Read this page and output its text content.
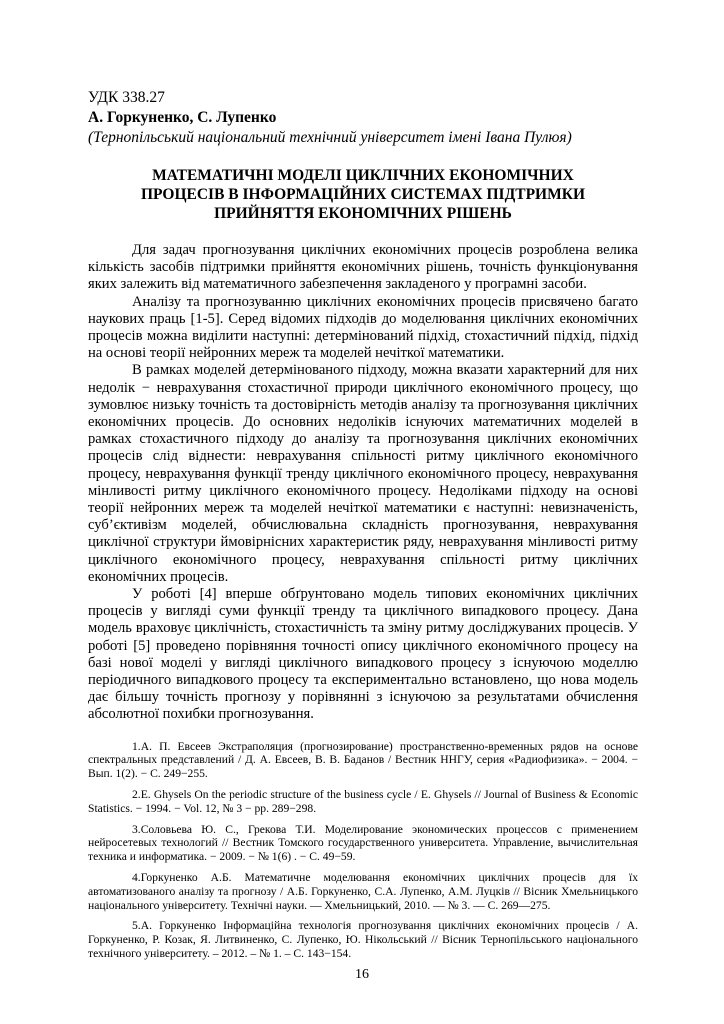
УДК 338.27
А. Горкуненко, С. Лупенко
(Тернопільський національний технічний університет імені Івана Пулюя)
МАТЕМАТИЧНІ МОДЕЛІ ЦИКЛІЧНИХ ЕКОНОМІЧНИХ ПРОЦЕСІВ В ІНФОРМАЦІЙНИХ СИСТЕМАХ ПІДТРИМКИ ПРИЙНЯТТЯ ЕКОНОМІЧНИХ РІШЕНЬ

Для задач прогнозування циклічних економічних процесів розроблена велика кількість засобів підтримки прийняття економічних рішень, точність функціонування яких залежить від математичного забезпечення закладеного у програмні засоби.

Аналізу та прогнозуванню циклічних економічних процесів присвячено багато наукових праць [1-5]. Серед відомих підходів до моделювання циклічних економічних процесів можна виділити наступні: детермінований підхід, стохастичний підхід, підхід на основі теорії нейронних мереж та моделей нечіткої математики.

В рамках моделей детермінованого підходу, можна вказати характерний для них недолік − неврахування стохастичної природи циклічного економічного процесу, що зумовлює низьку точність та достовірність методів аналізу та прогнозування циклічних економічних процесів. До основних недоліків існуючих математичних моделей в рамках стохастичного підходу до аналізу та прогнозування циклічних економічних процесів слід віднести: неврахування спільності ритму циклічного економічного процесу, неврахування функції тренду циклічного економічного процесу, неврахування мінливості ритму циклічного економічного процесу. Недоліками підходу на основі теорії нейронних мереж та моделей нечіткої математики є наступні: невизначеність, суб’єктивізм моделей, обчислювальна складність прогнозування, неврахування циклічної структури ймовірнісних характеристик ряду, неврахування мінливості ритму циклічного економічного процесу, неврахування спільності ритму циклічних економічних процесів.

У роботі [4] вперше обґрунтовано модель типових економічних циклічних процесів у вигляді суми функції тренду та циклічного випадкового процесу. Дана модель враховує циклічність, стохастичність та зміну ритму досліджуваних процесів. У роботі [5] проведено порівняння точності опису циклічного економічного процесу на базі нової моделі у вигляді циклічного випадкового процесу з існуючою моделлю періодичного випадкового процесу та експериментально встановлено, що нова модель дає більшу точність прогнозу у порівнянні з існуючою за результатами обчислення абсолютної похибки прогнозування.

1.А. П. Евсеев Экстраполяция (прогнозирование) пространственно-временных рядов на основе спектральных представлений / Д. А. Евсеев, В. В. Баданов / Вестник ННГУ, серия «Радиофизика». − 2004. − Вып. 1(2). − С. 249−255.

2.E. Ghysels On the periodic structure of the business cycle / E. Ghysels // Journal of Business & Economic Statistics. − 1994. − Vol. 12, № 3 − pp. 289−298.

3.Соловьева Ю. С., Грекова Т.И. Моделирование экономических процессов с применением нейросетевых технологий // Вестник Томского государственного университета. Управление, вычислительная техника и информатика. − 2009. − № 1(6) . − С. 49−59.

4.Горкуненко А.Б. Математичне моделювання економічних циклічних процесів для їх автоматизованого аналізу та прогнозу / А.Б. Горкуненко, С.А. Лупенко, А.М. Луцків // Вісник Хмельницького національного університету. Технічні науки. — Хмельницький, 2010. — № 3. — С. 269—275.

5.А. Горкуненко Інформаційна технологія прогнозування циклічних економічних процесів / А. Горкуненко, Р. Козак, Я. Литвиненко, С. Лупенко, Ю. Нікольський // Вісник Тернопільського національного технічного університету. – 2012. – № 1. – С. 143−154.

16
